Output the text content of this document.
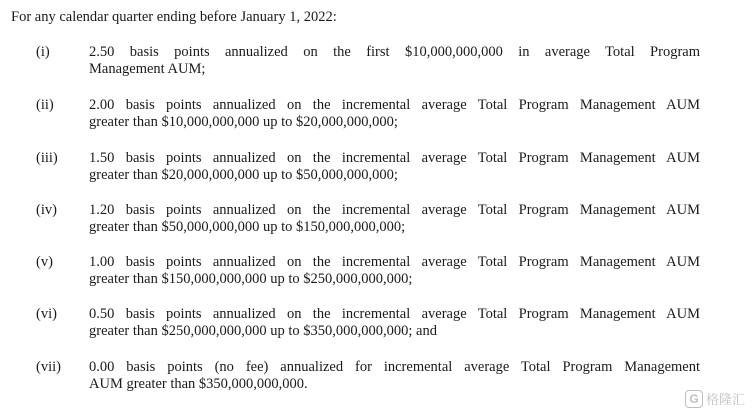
For any calendar quarter ending before January 1, 2022:
(i)	2.50 basis points annualized on the first $10,000,000,000 in average Total Program
Management AUM;
(ii) 2.00 basis points annualized on the incremental average Total Program Management AUM
greater than $10,000,000,000 up to $20,000,000,000;
(iii) 1.50 basis points annualized on the incremental average Total Program Management AUM
greater than $20,000,000,000 up to $50,000,000,000;
(iv) 1.20 basis points annualized on the incremental average Total Program Management AUM
greater than $50,000,000,000 up to $150,000,000,000;
(v) 1.00 basis points annualized on the incremental average Total Program Management AUM
greater than $150,000,000,000 up to $250,000,000,000;
(vi) 0.50 basis points annualized on the incremental average Total Program Management AUM
greater than $250,000,000,000 up to $350,000,000,000; and
(vii) 0.00 basis points (no fee) annualized for incremental average Total Program Management
AUM greater than $350,000,000,000.
G 格隆汇
